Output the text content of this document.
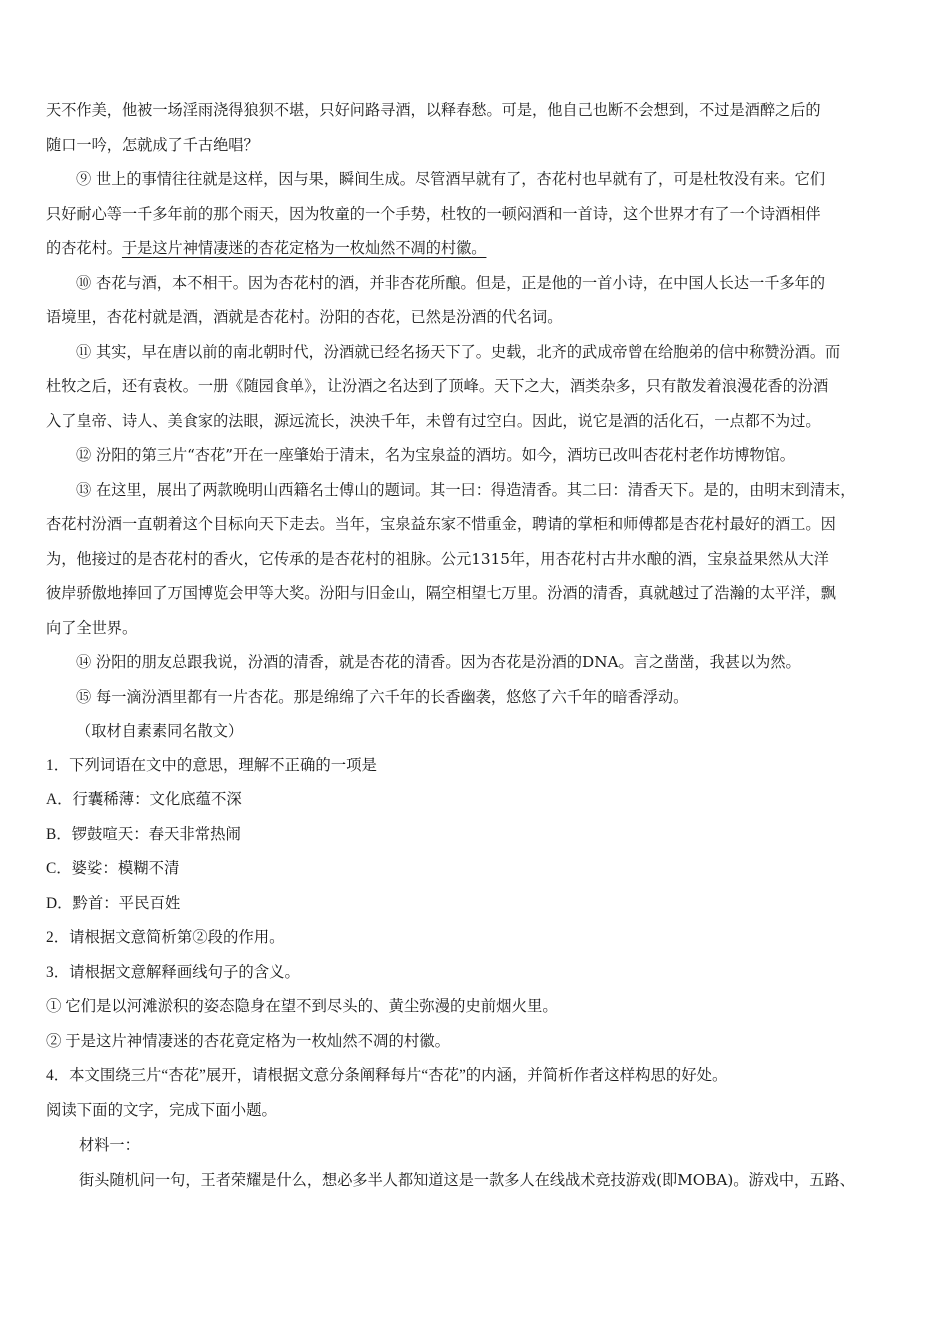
天不作美，他被一场淫雨浇得狼狈不堪，只好问路寻酒，以释春愁。可是，他自己也断不会想到，不过是酒醉之后的
随口一吟，怎就成了千古绝唱？
⑨ 世上的事情往往就是这样，因与果，瞬间生成。尽管酒早就有了，杏花村也早就有了，可是杜牧没有来。它们
只好耐心等一千多年前的那个雨天，因为牧童的一个手势，杜牧的一顿闷酒和一首诗，这个世界才有了一个诗酒相伴
的杏花村。于是这片神情凄迷的杏花定格为一枚灿然不凋的村徽。
⑩ 杏花与酒，本不相干。因为杏花村的酒，并非杏花所酿。但是，正是他的一首小诗，在中国人长达一千多年的
语境里，杏花村就是酒，酒就是杏花村。汾阳的杏花，已然是汾酒的代名词。
⑪ 其实，早在唐以前的南北朝时代，汾酒就已经名扬天下了。史载，北齐的武成帝曾在给胞弟的信中称赞汾酒。而
杜牧之后，还有袁枚。一册《随园食单》，让汾酒之名达到了顶峰。天下之大，酒类杂多，只有散发着浪漫花香的汾酒
入了皇帝、诗人、美食家的法眼，源远流长，泱泱千年，未曾有过空白。因此，说它是酒的活化石，一点都不为过。
⑫ 汾阳的第三片“杏花”开在一座肇始于清末，名为宝泉益的酒坊。如今，酒坊已改叫杏花村老作坊博物馆。
⑬ 在这里，展出了两款晚明山西籍名士傅山的题词。其一曰：得造清香。其二曰：清香天下。是的，由明末到清末，
杏花村汾酒一直朝着这个目标向天下走去。当年，宝泉益东家不惜重金，聘请的掌柜和师傅都是杏花村最好的酒工。因
为，他接过的是杏花村的香火，它传承的是杏花村的祖脉。公元1315年，用杏花村古井水酿的酒，宝泉益果然从大洋
彼岸骄傲地捧回了万国博览会甲等大奖。汾阳与旧金山，隔空相望七万里。汾酒的清香，真就越过了浩瀚的太平洋，飘
向了全世界。
⑭ 汾阳的朋友总跟我说，汾酒的清香，就是杏花的清香。因为杏花是汾酒的DNA。言之凿凿，我甚以为然。
⑮ 每一滴汾酒里都有一片杏花。那是绵绵了六千年的长香幽袭，悠悠了六千年的暗香浮动。
（取材自素素同名散文）
1．下列词语在文中的意思，理解不正确的一项是
A．行囊稀薄：文化底蕴不深
B．锣鼓喧天：春天非常热闹
C．婆娑：模糊不清
D．黔首：平民百姓
2．请根据文意简析第②段的作用。
3．请根据文意解释画线句子的含义。
① 它们是以河滩淤积的姿态隐身在望不到尽头的、黄尘弥漫的史前烟火里。
② 于是这片神情凄迷的杏花竟定格为一枚灿然不凋的村徽。
4．本文围绕三片“杏花”展开，请根据文意分条阐释每片“杏花”的内涵，并简析作者这样构思的好处。
阅读下面的文字，完成下面小题。
材料一：
街头随机问一句，王者荣耀是什么，想必多半人都知道这是一款多人在线战术竞技游戏(即MOBA)。游戏中，五路、
